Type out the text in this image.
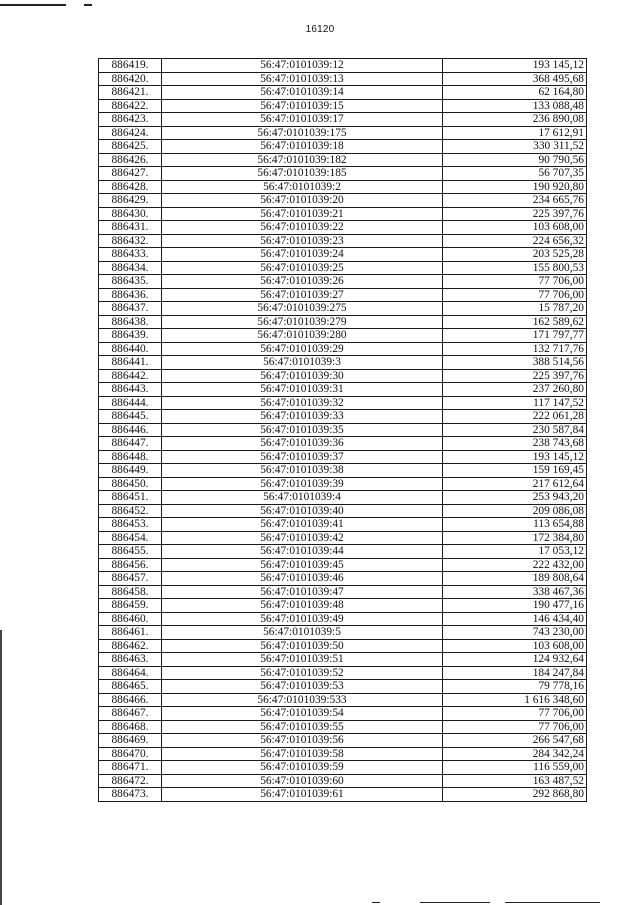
16120
886419.	56:47:0101039:12	193 145,12
886420.	56:47:0101039:13	368 495,68
886421.	56:47:0101039:14	62 164,80
886422.	56:47:0101039:15	133 088,48
886423.	56:47:0101039:17	236 890,08
886424.	56:47:0101039:175	17 612,91
886425.	56:47:0101039:18	330 311,52
886426.	56:47:0101039:182	90 790,56
886427.	56:47:0101039:185	56 707,35
886428.	56:47:0101039:2	190 920,80
886429.	56:47:0101039:20	234 665,76
886430.	56:47:0101039:21	225 397,76
886431.	56:47:0101039:22	103 608,00
886432.	56:47:0101039:23	224 656,32
886433.	56:47:0101039:24	203 525,28
886434.	56:47:0101039:25	155 800,53
886435.	56:47:0101039:26	77 706,00
886436.	56:47:0101039:27	77 706,00
886437.	56:47:0101039:275	15 787,20
886438.	56:47:0101039:279	162 589,62
886439.	56:47:0101039:280	171 797,77
886440.	56:47:0101039:29	132 717,76
886441.	56:47:0101039:3	388 514,56
886442.	56:47:0101039:30	225 397,76
886443.	56:47:0101039:31	237 260,80
886444.	56:47:0101039:32	117 147,52
886445.	56:47:0101039:33	222 061,28
886446.	56:47:0101039:35	230 587,84
886447.	56:47:0101039:36	238 743,68
886448.	56:47:0101039:37	193 145,12
886449.	56:47:0101039:38	159 169,45
886450.	56:47:0101039:39	217 612,64
886451.	56:47:0101039:4	253 943,20
886452.	56:47:0101039:40	209 086,08
886453.	56:47:0101039:41	113 654,88
886454.	56:47:0101039:42	172 384,80
886455.	56:47:0101039:44	17 053,12
886456.	56:47:0101039:45	222 432,00
886457.	56:47:0101039:46	189 808,64
886458.	56:47:0101039:47	338 467,36
886459.	56:47:0101039:48	190 477,16
886460.	56:47:0101039:49	146 434,40
886461.	56:47:0101039:5	743 230,00
886462.	56:47:0101039:50	103 608,00
886463.	56:47:0101039:51	124 932,64
886464.	56:47:0101039:52	184 247,84
886465.	56:47:0101039:53	79 778,16
886466.	56:47:0101039:533	1 616 348,60
886467.	56:47:0101039:54	77 706,00
886468.	56:47:0101039:55	77 706,00
886469.	56:47:0101039:56	266 547,68
886470.	56:47:0101039:58	284 342,24
886471.	56:47:0101039:59	116 559,00
886472.	56:47:0101039:60	163 487,52
886473.	56:47:0101039:61	292 868,80
